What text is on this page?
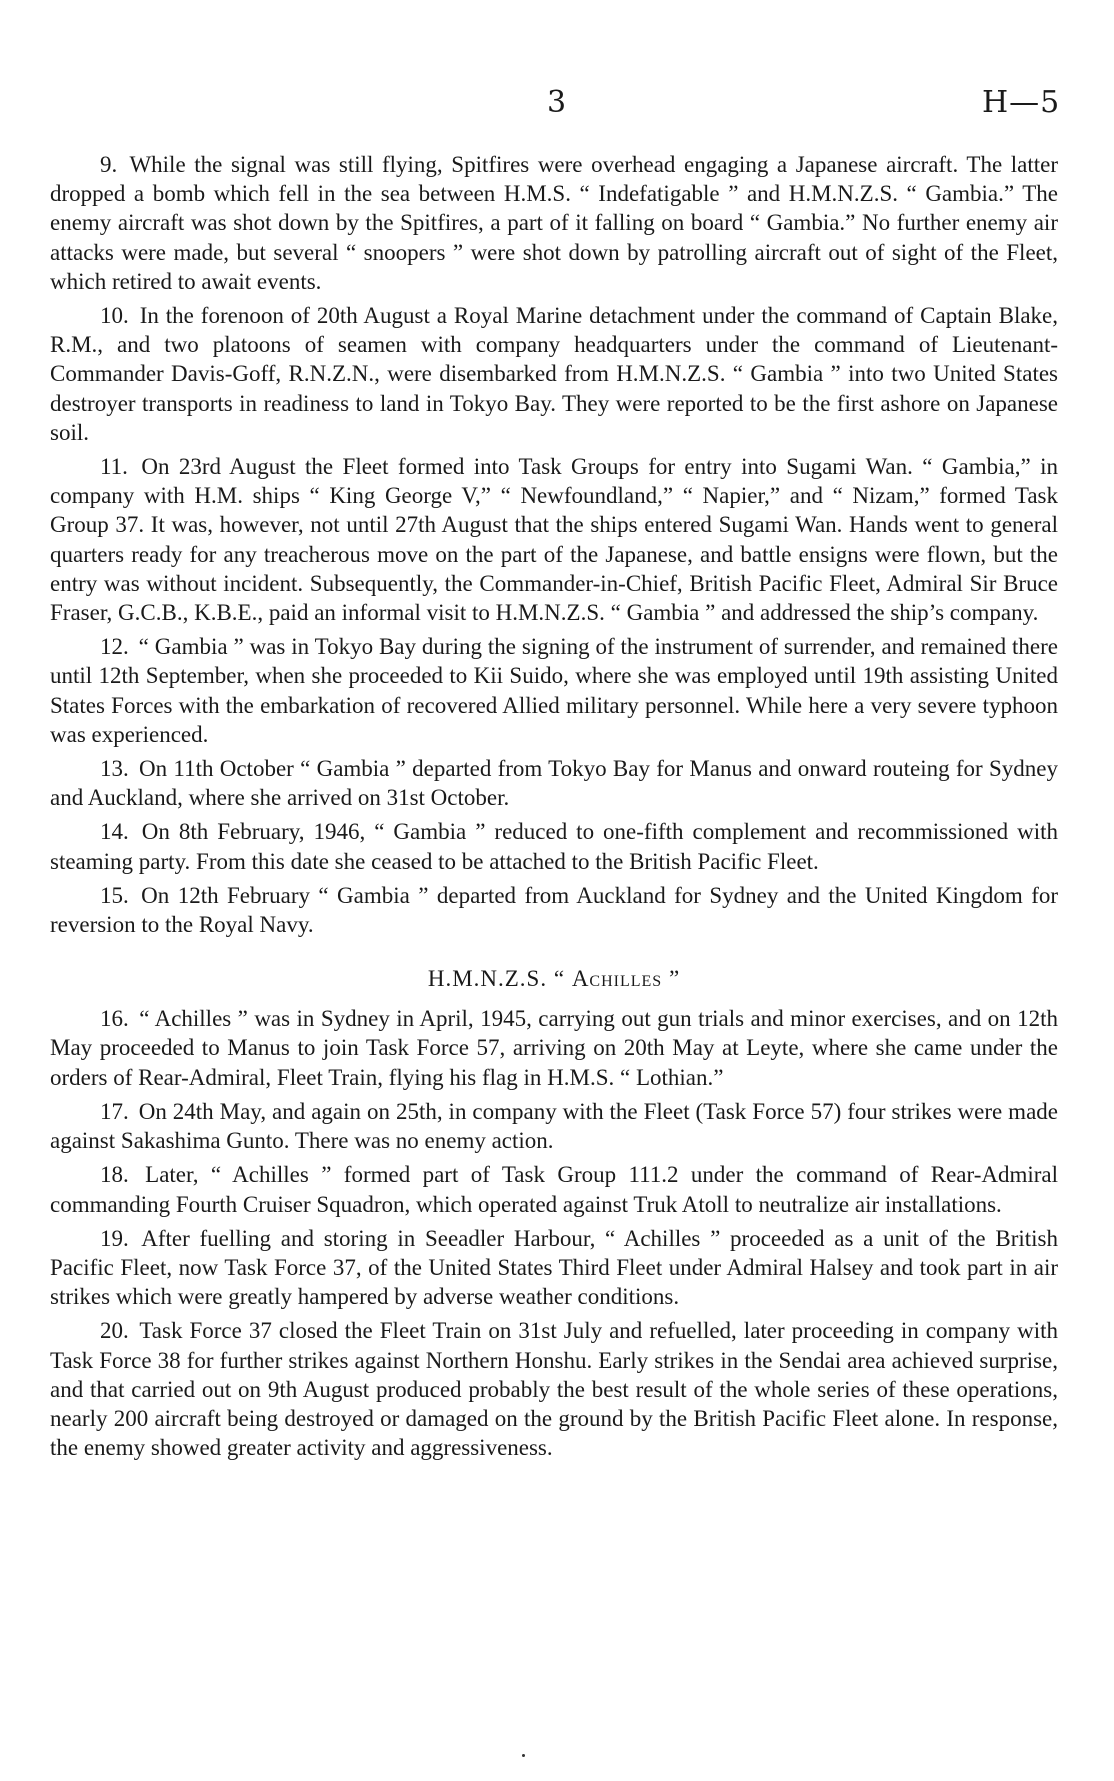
3	H—5

9. While the signal was still flying, Spitfires were overhead engaging a Japanese aircraft. The latter dropped a bomb which fell in the sea between H.M.S. “ Indefatigable ” and H.M.N.Z.S. “ Gambia.” The enemy aircraft was shot down by the Spitfires, a part of it falling on board “ Gambia.” No further enemy air attacks were made, but several “ snoopers ” were shot down by patrolling aircraft out of sight of the Fleet, which retired to await events.

10. In the forenoon of 20th August a Royal Marine detachment under the command of Captain Blake, R.M., and two platoons of seamen with company headquarters under the command of Lieutenant-Commander Davis-Goff, R.N.Z.N., were disembarked from H.M.N.Z.S. “ Gambia ” into two United States destroyer transports in readiness to land in Tokyo Bay. They were reported to be the first ashore on Japanese soil.

11. On 23rd August the Fleet formed into Task Groups for entry into Sugami Wan. “ Gambia,” in company with H.M. ships “ King George V,” “ Newfoundland,” “ Napier,” and “ Nizam,” formed Task Group 37. It was, however, not until 27th August that the ships entered Sugami Wan. Hands went to general quarters ready for any treacherous move on the part of the Japanese, and battle ensigns were flown, but the entry was without incident. Subsequently, the Commander-in-Chief, British Pacific Fleet, Admiral Sir Bruce Fraser, G.C.B., K.B.E., paid an informal visit to H.M.N.Z.S. “ Gambia ” and addressed the ship’s company.

12. “ Gambia ” was in Tokyo Bay during the signing of the instrument of surrender, and remained there until 12th September, when she proceeded to Kii Suido, where she was employed until 19th assisting United States Forces with the embarkation of recovered Allied military personnel. While here a very severe typhoon was experienced.

13. On 11th October “ Gambia ” departed from Tokyo Bay for Manus and onward routeing for Sydney and Auckland, where she arrived on 31st October.

14. On 8th February, 1946, “ Gambia ” reduced to one-fifth complement and recommissioned with steaming party. From this date she ceased to be attached to the British Pacific Fleet.

15. On 12th February “ Gambia ” departed from Auckland for Sydney and the United Kingdom for reversion to the Royal Navy.

H.M.N.Z.S. “ Achilles ”

16. “ Achilles ” was in Sydney in April, 1945, carrying out gun trials and minor exercises, and on 12th May proceeded to Manus to join Task Force 57, arriving on 20th May at Leyte, where she came under the orders of Rear-Admiral, Fleet Train, flying his flag in H.M.S. “ Lothian.”

17. On 24th May, and again on 25th, in company with the Fleet (Task Force 57) four strikes were made against Sakashima Gunto. There was no enemy action.

18. Later, “ Achilles ” formed part of Task Group 111.2 under the command of Rear-Admiral commanding Fourth Cruiser Squadron, which operated against Truk Atoll to neutralize air installations.

19. After fuelling and storing in Seeadler Harbour, “ Achilles ” proceeded as a unit of the British Pacific Fleet, now Task Force 37, of the United States Third Fleet under Admiral Halsey and took part in air strikes which were greatly hampered by adverse weather conditions.

20. Task Force 37 closed the Fleet Train on 31st July and refuelled, later proceeding in company with Task Force 38 for further strikes against Northern Honshu. Early strikes in the Sendai area achieved surprise, and that carried out on 9th August produced probably the best result of the whole series of these operations, nearly 200 aircraft being destroyed or damaged on the ground by the British Pacific Fleet alone. In response, the enemy showed greater activity and aggressiveness.
